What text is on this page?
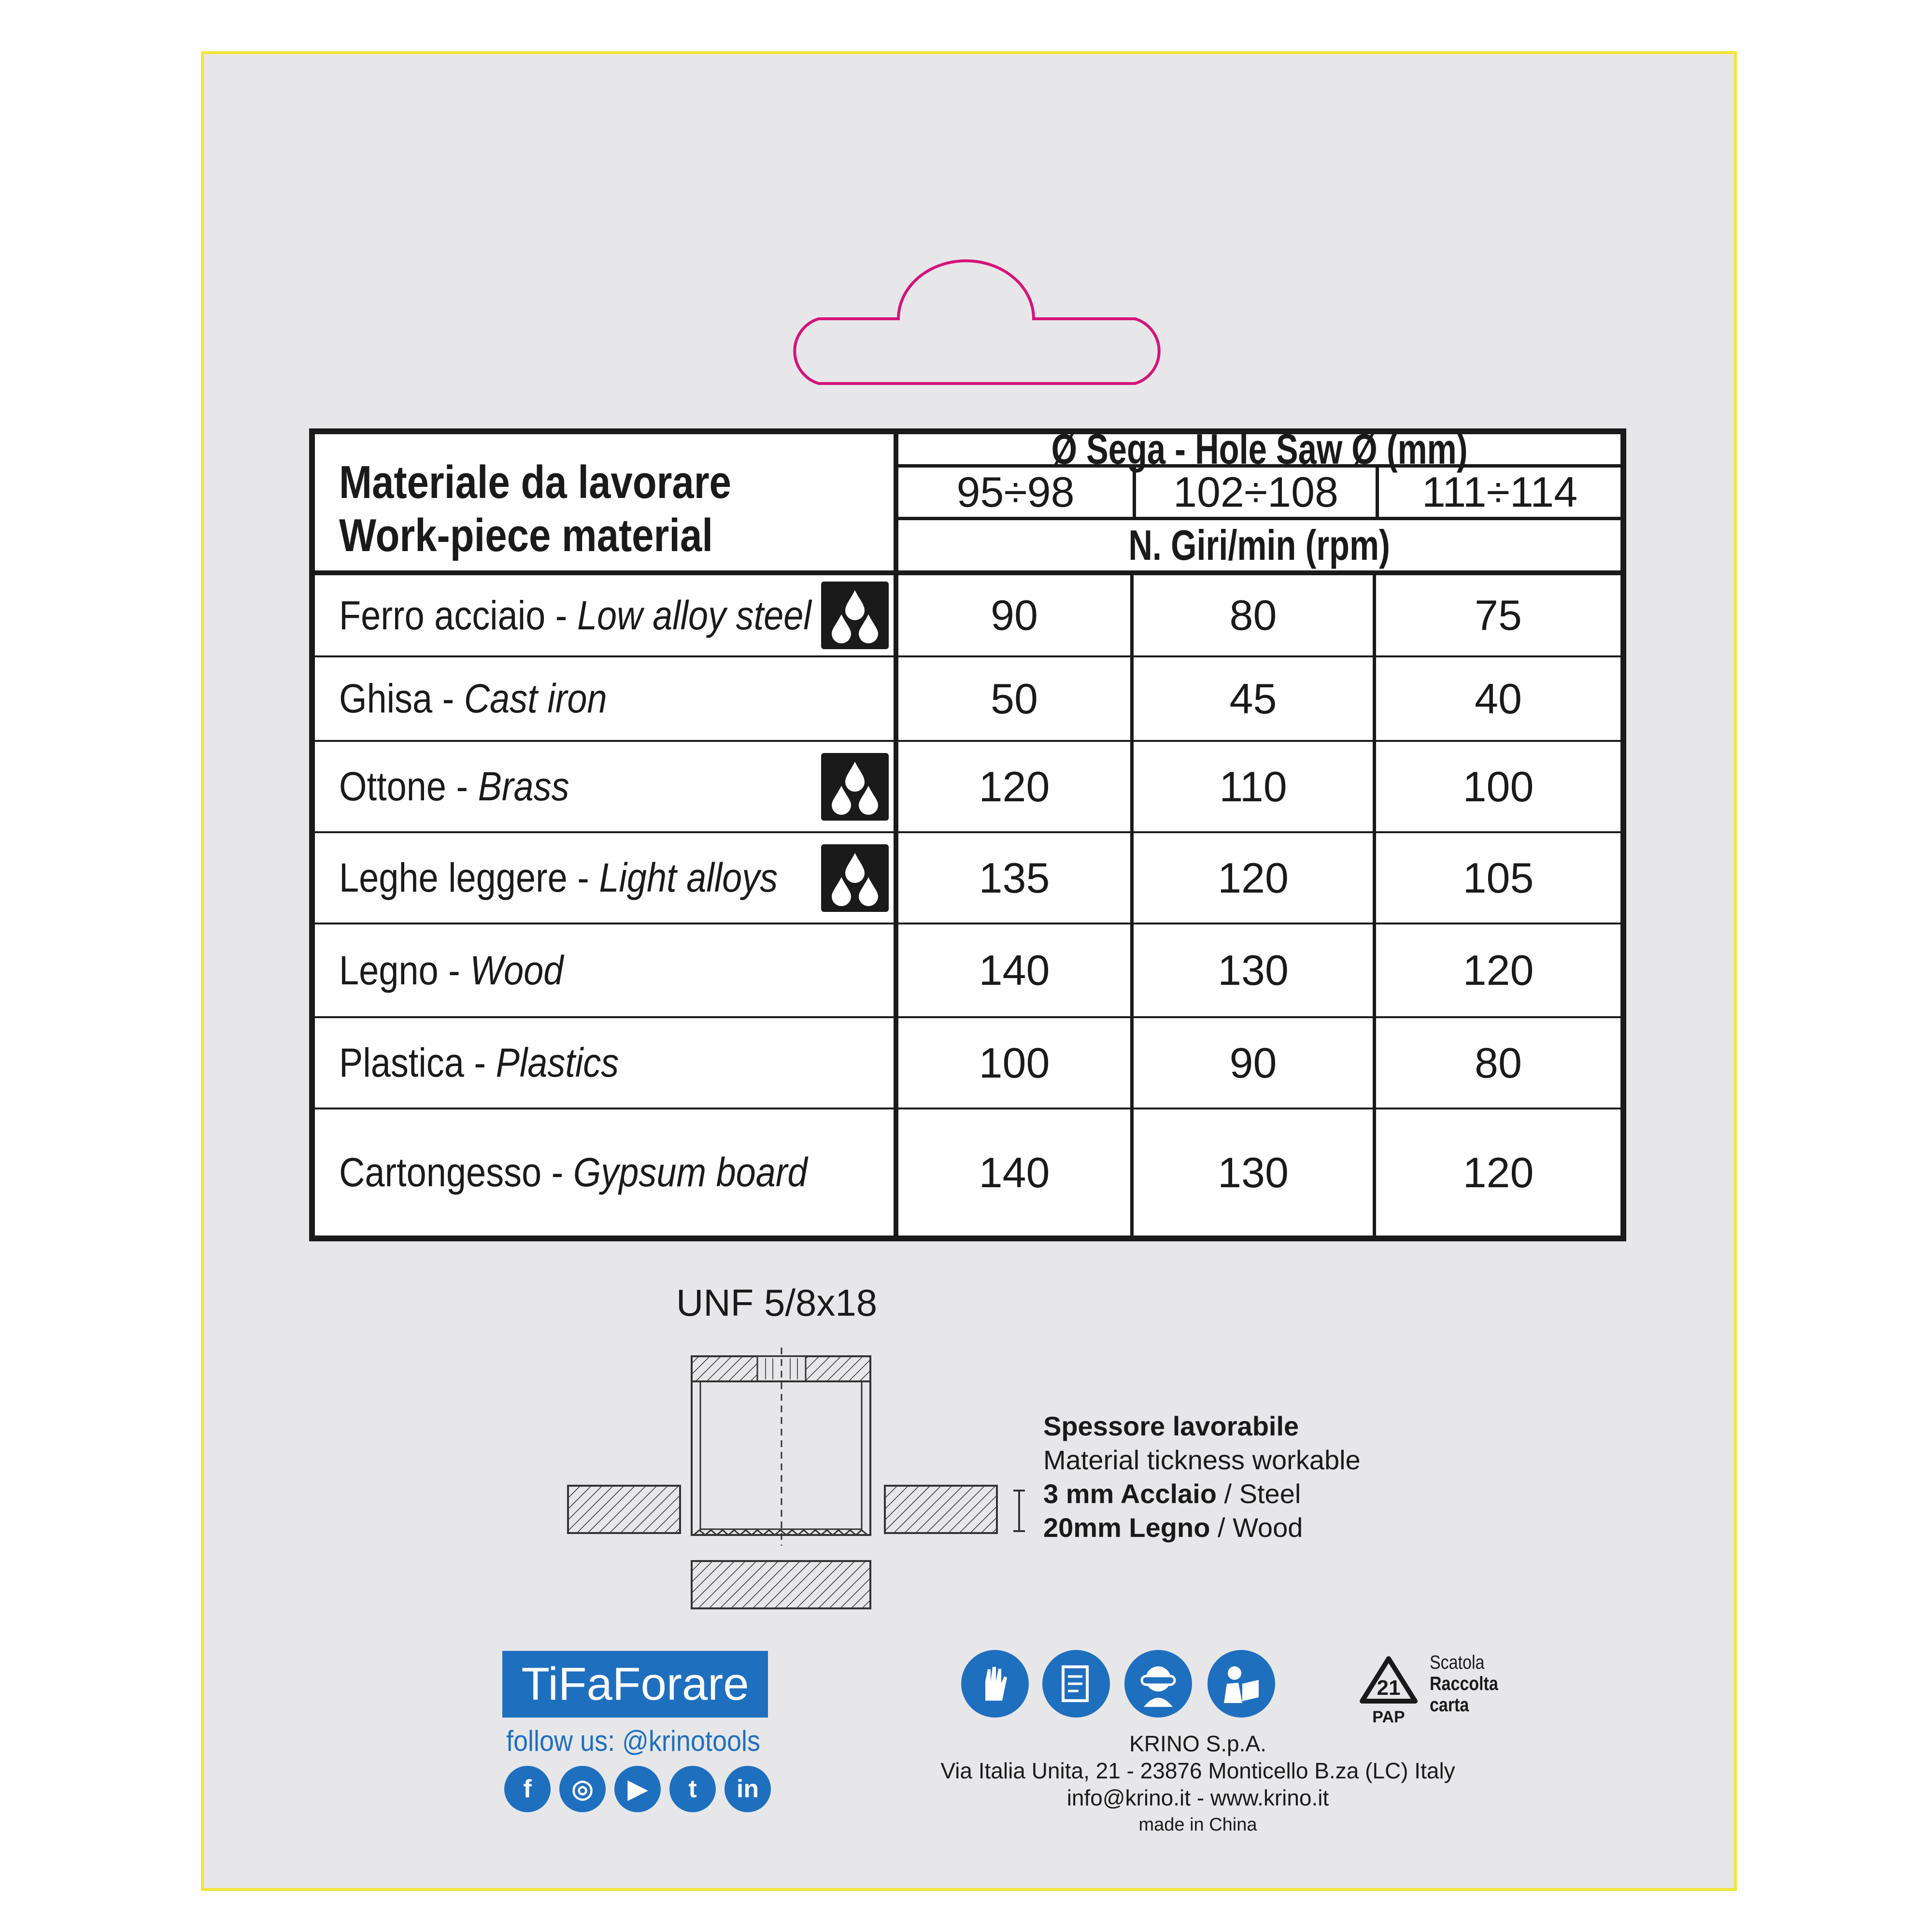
Materiale da lavorare
Work-piece material
Ø Sega - Hole Saw Ø (mm)
95÷98	102÷108	111÷114
N. Giri/min (rpm)
Ferro acciaio - Low alloy steel	90	80	75
Ghisa - Cast iron	50	45	40
Ottone - Brass	120	110	100
Leghe leggere - Light alloys	135	120	105
Legno - Wood	140	130	120
Plastica - Plastics	100	90	80
Cartongesso - Gypsum board	140	130	120
UNF 5/8x18
Spessore lavorabile
Material tickness workable
3 mm Acclaio / Steel
20mm Legno / Wood
TiFaForare
follow us: @krinotools
f ◎ ▶ t in
21
PAP
Scatola
Raccolta
carta
KRINO S.p.A.
Via Italia Unita, 21 - 23876 Monticello B.za (LC) Italy
info@krino.it - www.krino.it
made in China
